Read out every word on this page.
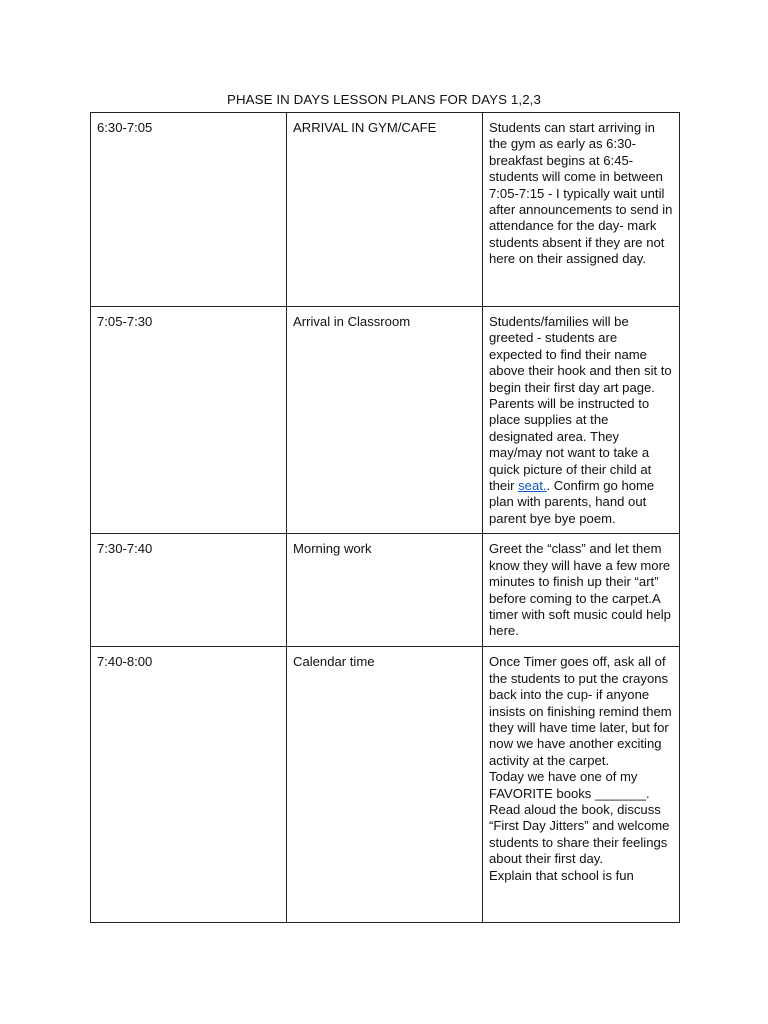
PHASE IN DAYS LESSON PLANS FOR DAYS 1,2,3
6:30-7:05	ARRIVAL IN GYM/CAFE	Students can start arriving in the gym as early as 6:30- breakfast begins at 6:45- students will come in between 7:05-7:15 - I typically wait until after announcements to send in attendance for the day- mark students absent if they are not here on their assigned day.
7:05-7:30	Arrival in Classroom	Students/families will be greeted - students are expected to find their name above their hook and then sit to begin their first day art page. Parents will be instructed to place supplies at the designated area. They may/may not want to take a quick picture of their child at their seat.. Confirm go home plan with parents, hand out parent bye bye poem.
7:30-7:40	Morning work	Greet the “class” and let them know they will have a few more minutes to finish up their “art” before coming to the carpet.A timer with soft music could help here.
7:40-8:00	Calendar time	Once Timer goes off, ask all of the students to put the crayons back into the cup- if anyone insists on finishing remind them they will have time later, but for now we have another exciting activity at the carpet.
Today we have one of my FAVORITE books _______.
Read aloud the book, discuss “First Day Jitters” and welcome students to share their feelings about their first day.
Explain that school is fun
